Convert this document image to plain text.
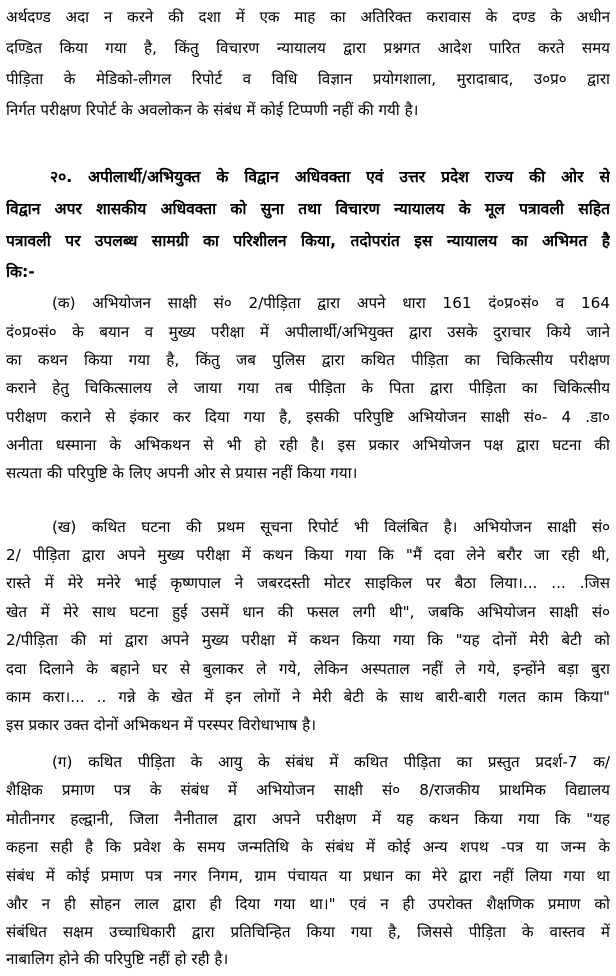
अर्थदण्ड अदा न करने की दशा में एक माह का अतिरिक्त करावास के दण्ड के अधीन
दण्डित किया गया है, किंतु विचारण न्यायालय द्वारा प्रश्नगत आदेश पारित करते समय
पीड़िता के मेडिको-लीगल रिपोर्ट व विधि विज्ञान प्रयोगशाला, मुरादाबाद, उ०प्र० द्वारा
निर्गत परीक्षण रिपोर्ट के अवलोकन के संबंध में कोई टिप्पणी नहीं की गयी है।
२०. अपीलार्थी/अभियुक्त के विद्वान अधिवक्ता एवं उत्तर प्रदेश राज्य की ओर से
विद्वान अपर शासकीय अधिवक्ता को सुना तथा विचारण न्यायालय के मूल पत्रावली सहित
पत्रावली पर उपलब्ध सामग्री का परिशीलन किया, तदोपरांत इस न्यायालय का अभिमत है
कि:-
(क) अभियोजन साक्षी सं० 2/पीड़िता द्वारा अपने धारा 161 दं०प्र०सं० व 164
दं०प्र०सं० के बयान व मुख्य परीक्षा में अपीलार्थी/अभियुक्त द्वारा उसके दुराचार किये जाने
का कथन किया गया है, किंतु जब पुलिस द्वारा कथित पीड़िता का चिकित्सीय परीक्षण
कराने हेतु चिकित्सालय ले जाया गया तब पीड़िता के पिता द्वारा पीड़िता का चिकित्सीय
परीक्षण कराने से इंकार कर दिया गया है, इसकी परिपुष्टि अभियोजन साक्षी सं०- 4 .डा०
अनीता धस्माना के अभिकथन से भी हो रही है। इस प्रकार अभियोजन पक्ष द्वारा घटना की
सत्यता की परिपुष्टि के लिए अपनी ओर से प्रयास नहीं किया गया।
(ख) कथित घटना की प्रथम सूचना रिपोर्ट भी विलंबित है। अभियोजन साक्षी सं०
2/ पीड़िता द्वारा अपने मुख्य परीक्षा में कथन किया गया कि "मैं दवा लेने बरौर जा रही थी,
रास्ते में मेरे मनेरे भाई कृष्णपाल ने जबरदस्ती मोटर साइकिल पर बैठा लिया।... ... .जिस
खेत में मेरे साथ घटना हुई उसमें धान की फसल लगी थी", जबकि अभियोजन साक्षी सं०
2/पीड़िता की मां द्वारा अपने मुख्य परीक्षा में कथन किया गया कि "यह दोनों मेरी बेटी को
दवा दिलाने के बहाने घर से बुलाकर ले गये, लेकिन अस्पताल नहीं ले गये, इन्होंने बड़ा बुरा
काम करा।... .. गन्ने के खेत में इन लोगों ने मेरी बेटी के साथ बारी-बारी गलत काम किया"
इस प्रकार उक्त दोनों अभिकथन में परस्पर विरोधाभाष है।
(ग) कथित पीड़िता के आयु के संबंध में कथित पीड़िता का प्रस्तुत प्रदर्श-7 क/
शैक्षिक प्रमाण पत्र के संबंध में अभियोजन साक्षी सं० 8/राजकीय प्राथमिक विद्यालय
मोतीनगर हल्द्वानी, जिला नैनीताल द्वारा अपने परीक्षण में यह कथन किया गया कि "यह
कहना सही है कि प्रवेश के समय जन्मतिथि के संबंध में कोई अन्य शपथ -पत्र या जन्म के
संबंध में कोई प्रमाण पत्र नगर निगम, ग्राम पंचायत या प्रधान का मेरे द्वारा नहीं लिया गया था
और न ही सोहन लाल द्वारा ही दिया गया था।" एवं न ही उपरोक्त शैक्षणिक प्रमाण को
संबंधित सक्षम उच्चाधिकारी द्वारा प्रतिचिन्हित किया गया है, जिससे पीड़िता के वास्तव में
नाबालिग होने की परिपुष्टि नहीं हो रही है।
